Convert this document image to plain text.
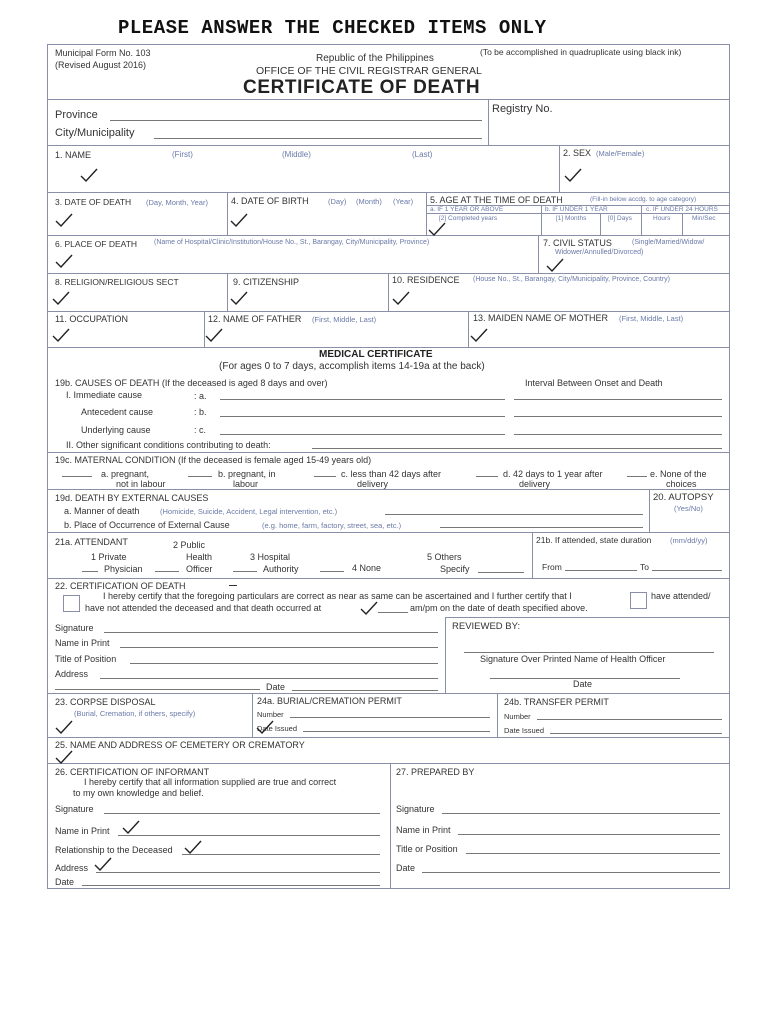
PLEASE ANSWER THE CHECKED ITEMS ONLY
Municipal Form No. 103
(Revised August 2016)
Republic of the Philippines
(To be accomplished in quadruplicate using black ink)
OFFICE OF THE CIVIL REGISTRAR GENERAL
CERTIFICATE OF DEATH
Province
City/Municipality
Registry No.
1. NAME	(First)	(Middle)	(Last)	2. SEX (Male/Female)
3. DATE OF DEATH (Day, Month, Year)	4. DATE OF BIRTH	(Day) (Month) (Year) 5. AGE AT THE TIME OF DEATH	(Fill-in below accdg. to age category)
a. IF 1 YEAR OR ABOVE	b. IF UNDER 1 YEAR	c. IF UNDER 24 HOURS
[2] Completed years	[1] Months	[0] Days	Hours	Min/Sec
6. PLACE OF DEATH (Name of Hospital/Clinic/Institution/House No., St., Barangay, City/Municipality, Province)	7. CIVIL STATUS	(Single/Married/Widow/
Widower/Annulled/Divorced)
8. RELIGION/RELIGIOUS SECT	9. CITIZENSHIP	10. RESIDENCE (House No., St., Barangay, City/Municipality, Province, Country)
11. OCCUPATION	12. NAME OF FATHER (First, Middle, Last)	13. MAIDEN NAME OF MOTHER (First, Middle, Last)
MEDICAL CERTIFICATE
(For ages 0 to 7 days, accomplish items 14-19a at the back)
19b. CAUSES OF DEATH (If the deceased is aged 8 days and over)	Interval Between Onset and Death
I. Immediate cause	: a.
Antecedent cause	: b.
Underlying cause	: c.
II. Other significant conditions contributing to death:
19c. MATERNAL CONDITION (If the deceased is female aged 15-49 years old)
a. pregnant,
not in labour
b. pregnant, in
labour
c. less than 42 days after
delivery
d. 42 days to 1 year after
delivery
e. None of the
choices
19d. DEATH BY EXTERNAL CAUSES
a. Manner of death	(Homicide, Suicide, Accident, Legal intervention, etc.)
b. Place of Occurrence of External Cause	(e.g. home, farm, factory, street, sea, etc.)
20. AUTOPSY
(Yes/No)
21a. ATTENDANT	2 Public
1 Private	Health	3 Hospital	5 Others
Physician	Officer	Authority	4 None	Specify
21b. If attended, state duration (mm/dd/yy)
From	To
22. CERTIFICATION OF DEATH
I hereby certify that the foregoing particulars are correct as near as same can be ascertained and I further certify that I	have attended/
have not attended the deceased and that death occurred at	am/pm on the date of death specified above.
Signature
Name in Print
Title of Position
Address
Date
REVIEWED BY:
Signature Over Printed Name of Health Officer
Date
23. CORPSE DISPOSAL
(Burial, Cremation, if others, specify)
24a. BURIAL/CREMATION PERMIT
Number
Date Issued
24b. TRANSFER PERMIT
Number
Date Issued
25. NAME AND ADDRESS OF CEMETERY OR CREMATORY
26. CERTIFICATION OF INFORMANT
I hereby certify that all information supplied are true and correct
to my own knowledge and belief.
Signature
Name in Print
Relationship to the Deceased
Address
Date
27. PREPARED BY
Signature
Name in Print
Title or Position
Date
